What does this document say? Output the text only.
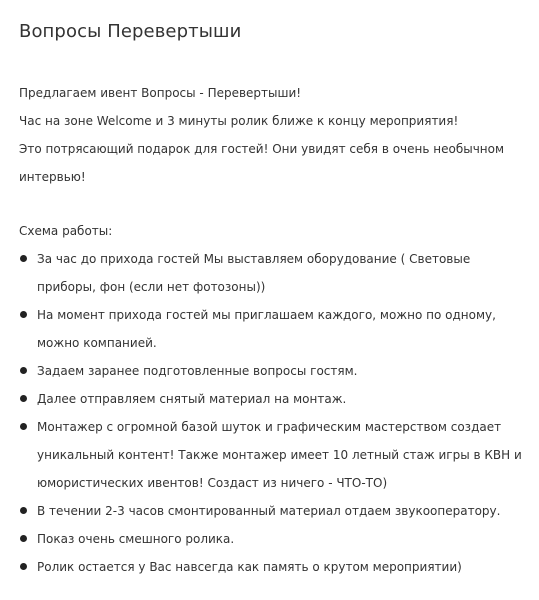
Вопросы Перевертыши

Предлагаем ивент Вопросы - Перевертыши!

Час на зоне Welcome и 3 минуты ролик ближе к концу мероприятия!

Это потрясающий подарок для гостей! Они увидят себя в очень необычном интервью!

Схема работы:

За час до прихода гостей Мы выставляем оборудование ( Световые приборы, фон (если нет фотозоны))
На момент прихода гостей мы приглашаем каждого, можно по одному, можно компанией.
Задаем заранее подготовленные вопросы гостям.
Далее отправляем снятый материал на монтаж.
Монтажер с огромной базой шуток и графическим мастерством создает уникальный контент! Также монтажер имеет 10 летный стаж игры в КВН и юмористических ивентов! Создаст из ничего - ЧТО-ТО)
В течении 2-3 часов смонтированный материал отдаем звукооператору.
Показ очень смешного ролика.
Ролик остается у Вас навсегда как память о крутом мероприятии)
